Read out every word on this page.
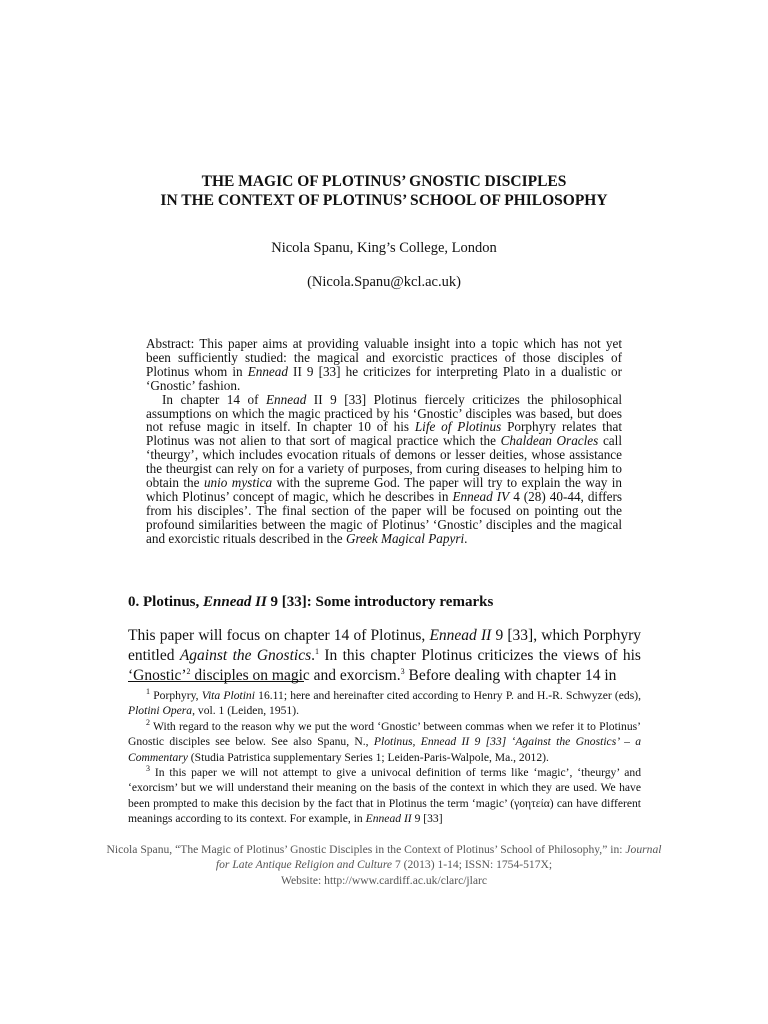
THE MAGIC OF PLOTINUS’ GNOSTIC DISCIPLES
IN THE CONTEXT OF PLOTINUS’ SCHOOL OF PHILOSOPHY
Nicola Spanu, King’s College, London
(Nicola.Spanu@kcl.ac.uk)

Abstract: This paper aims at providing valuable insight into a topic which has not yet been sufficiently studied: the magical and exorcistic practices of those disciples of Plotinus whom in Ennead II 9 [33] he criticizes for interpreting Plato in a dualistic or ‘Gnostic’ fashion.

In chapter 14 of Ennead II 9 [33] Plotinus fiercely criticizes the philosophical assumptions on which the magic practiced by his ‘Gnostic’ disciples was based, but does not refuse magic in itself. In chapter 10 of his Life of Plotinus Porphyry relates that Plotinus was not alien to that sort of magical practice which the Chaldean Oracles call ‘theurgy’, which includes evocation rituals of demons or lesser deities, whose assistance the theurgist can rely on for a variety of purposes, from curing diseases to helping him to obtain the unio mystica with the supreme God. The paper will try to explain the way in which Plotinus’ concept of magic, which he describes in Ennead IV 4 (28) 40-44, differs from his disciples’. The final section of the paper will be focused on pointing out the profound similarities between the magic of Plotinus’ ‘Gnostic’ disciples and the magical and exorcistic rituals described in the Greek Magical Papyri.

0. Plotinus, Ennead II 9 [33]: Some introductory remarks
This paper will focus on chapter 14 of Plotinus, Ennead II 9 [33], which Porphyry entitled Against the Gnostics.$^1$ In this chapter Plotinus criticizes the views of his ‘Gnostic’$^2$ disciples on magic and exorcism.$^3$ Before dealing with chapter 14 in

$^1$ Porphyry, Vita Plotini 16.11; here and hereinafter cited according to Henry P. and H.-R. Schwyzer (eds), Plotini Opera, vol. 1 (Leiden, 1951).

$^2$ With regard to the reason why we put the word ‘Gnostic’ between commas when we refer it to Plotinus’ Gnostic disciples see below. See also Spanu, N., Plotinus, Ennead II 9 [33] ‘Against the Gnostics’ – a Commentary (Studia Patristica supplementary Series 1; Leiden-Paris-Walpole, Ma., 2012).

$^3$ In this paper we will not attempt to give a univocal definition of terms like ‘magic’, ‘theurgy’ and ‘exorcism’ but we will understand their meaning on the basis of the context in which they are used. We have been prompted to make this decision by the fact that in Plotinus the term ‘magic’ (γοητεία) can have different meanings according to its context. For example, in Ennead II 9 [33]

Nicola Spanu, “The Magic of Plotinus’ Gnostic Disciples in the Context of Plotinus’ School of Philosophy,” in: Journal for Late Antique Religion and Culture 7 (2013) 1-14; ISSN: 1754-517X;
Website: http://www.cardiff.ac.uk/clarc/jlarc
